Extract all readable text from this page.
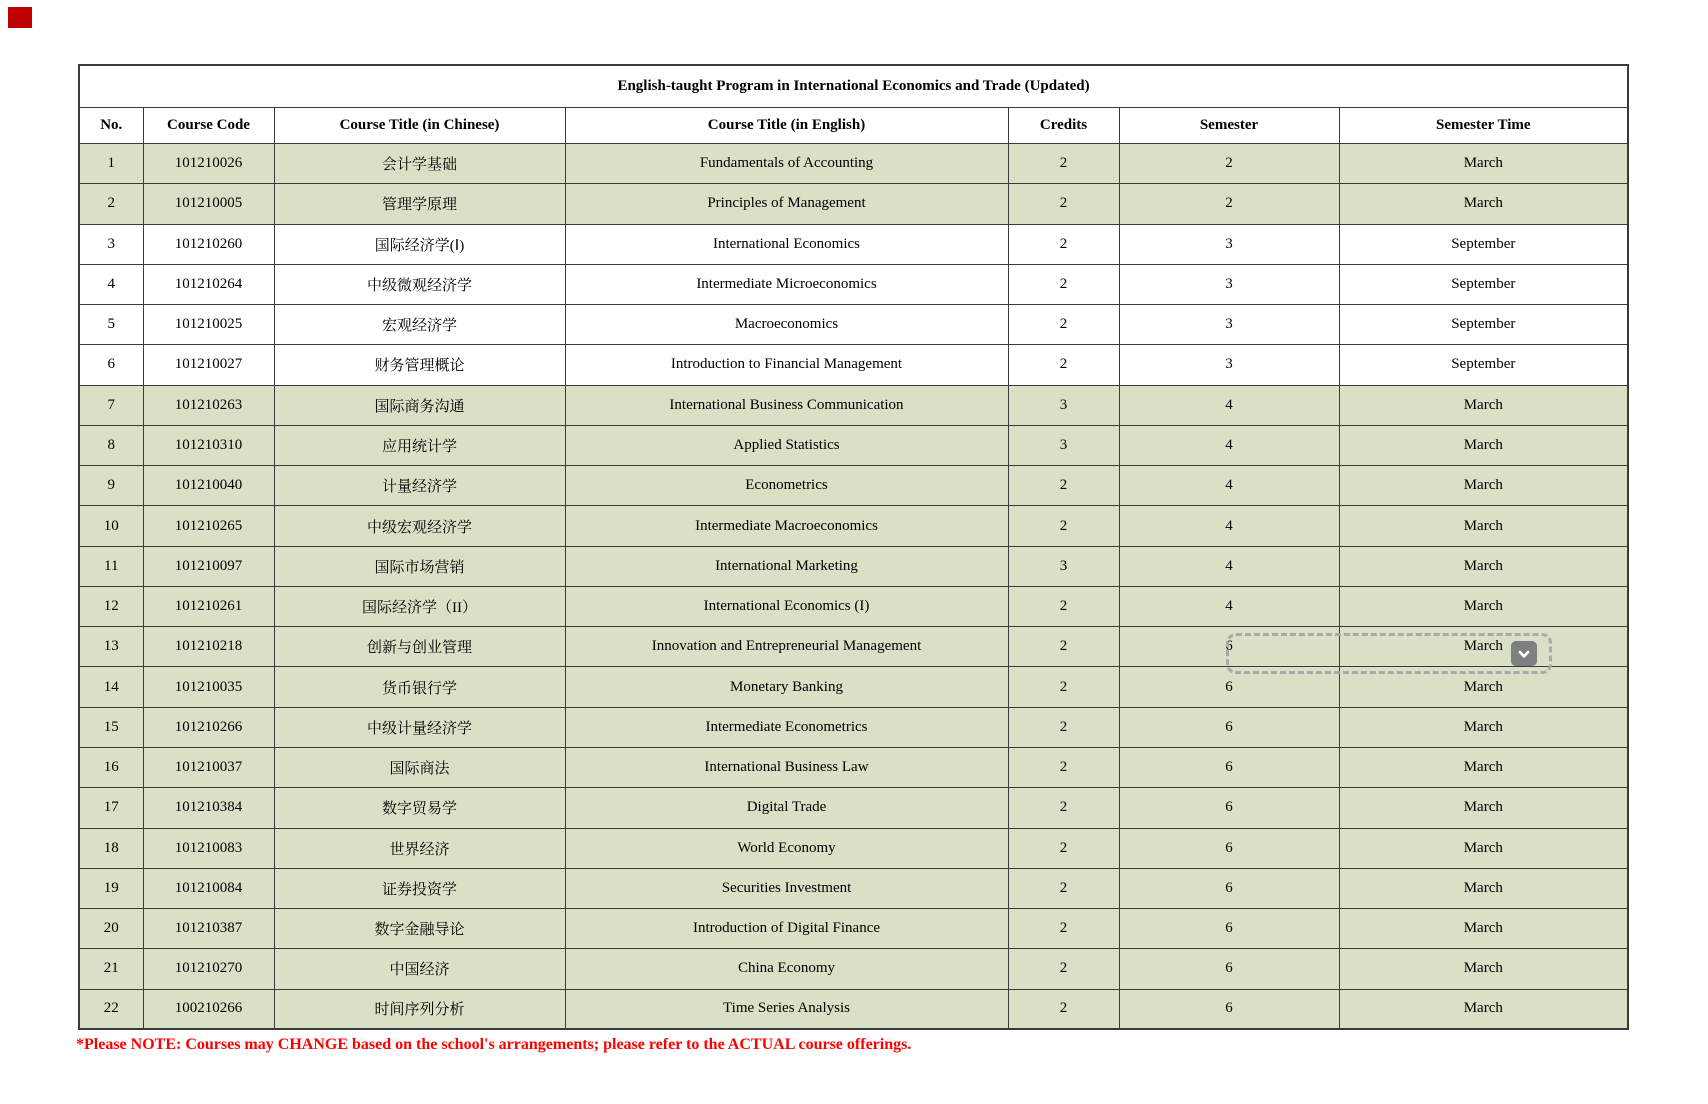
English-taught Program in International Economics and Trade (Updated)						
No.	Course Code	Course Title (in Chinese)	Course Title (in English)	Credits	Semester	Semester Time
1	101210026	会计学基础	Fundamentals of Accounting	2	2	March
2	101210005	管理学原理	Principles of Management	2	2	March
3	101210260	国际经济学(Ⅰ)	International Economics	2	3	September
4	101210264	中级微观经济学	Intermediate Microeconomics	2	3	September
5	101210025	宏观经济学	Macroeconomics	2	3	September
6	101210027	财务管理概论	Introduction to Financial Management	2	3	September
7	101210263	国际商务沟通	International Business Communication	3	4	March
8	101210310	应用统计学	Applied Statistics	3	4	March
9	101210040	计量经济学	Econometrics	2	4	March
10	101210265	中级宏观经济学	Intermediate Macroeconomics	2	4	March
11	101210097	国际市场营销	International Marketing	3	4	March
12	101210261	国际经济学（II）	International Economics (I)	2	4	March
13	101210218	创新与创业管理	Innovation and Entrepreneurial Management	2	6	March
14	101210035	货币银行学	Monetary Banking	2	6	March
15	101210266	中级计量经济学	Intermediate Econometrics	2	6	March
16	101210037	国际商法	International Business Law	2	6	March
17	101210384	数字贸易学	Digital Trade	2	6	March
18	101210083	世界经济	World Economy	2	6	March
19	101210084	证券投资学	Securities Investment	2	6	March
20	101210387	数字金融导论	Introduction of Digital Finance	2	6	March
21	101210270	中国经济	China Economy	2	6	March
22	100210266	时间序列分析	Time Series Analysis	2	6	March
*Please NOTE: Courses may CHANGE based on the school's arrangements; please refer to the ACTUAL course offerings.
